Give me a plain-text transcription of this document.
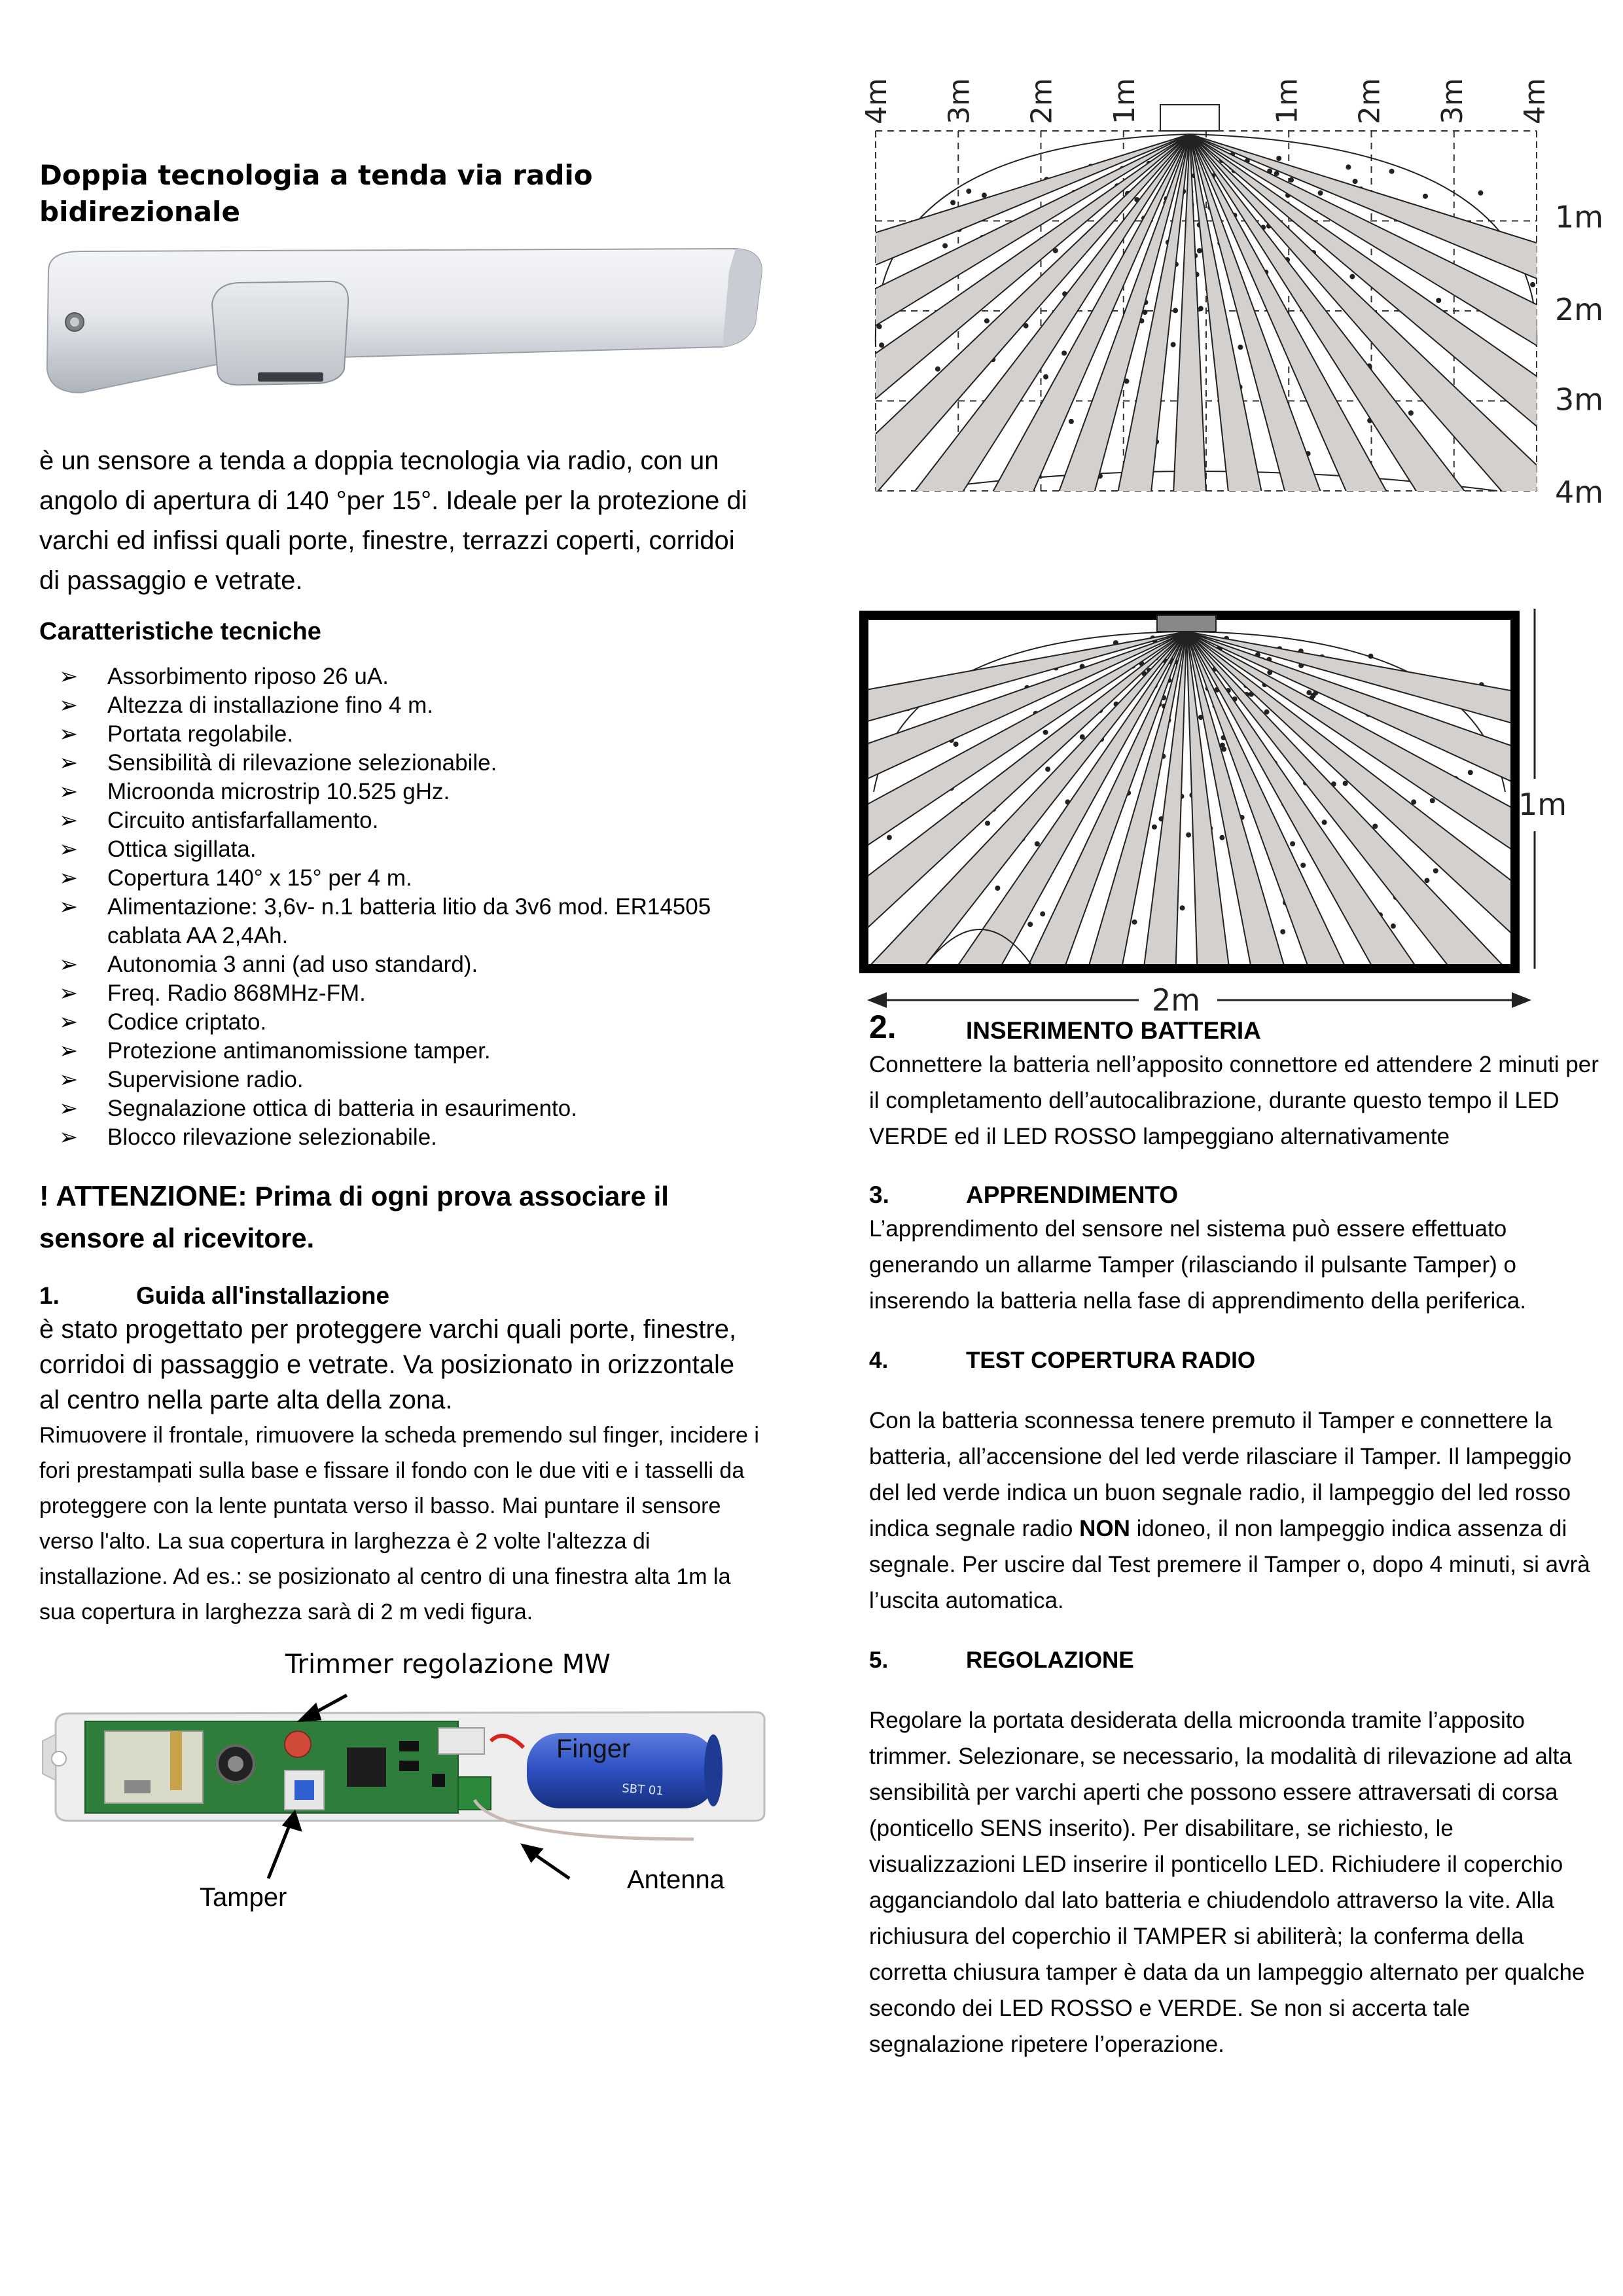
Doppia tecnologia a tenda via radio bidirezionale

è un sensore a tenda a doppia tecnologia via radio, con un angolo di apertura di 140 °per 15°. Ideale per la protezione di varchi ed infissi quali porte, finestre, terrazzi coperti, corridoi di passaggio e vetrate.

Caratteristiche tecniche
➢	Assorbimento riposo 26 uA.
➢	Altezza di installazione fino 4 m.
➢	Portata regolabile.
➢	Sensibilità di rilevazione selezionabile.
➢	Microonda microstrip 10.525 gHz.
➢	Circuito antisfarfallamento.
➢	Ottica sigillata.
➢	Copertura 140° x 15° per 4 m.
➢	Alimentazione: 3,6v- n.1 batteria litio da 3v6 mod. ER14505 cablata AA 2,4Ah.
➢	Autonomia 3 anni (ad uso standard).
➢	Freq. Radio 868MHz-FM.
➢	Codice criptato.
➢	Protezione antimanomissione tamper.
➢	Supervisione radio.
➢	Segnalazione ottica di batteria in esaurimento.
➢	Blocco rilevazione selezionabile.

! ATTENZIONE: Prima di ogni prova associare il sensore al ricevitore.

1.	Guida all'installazione

è stato progettato per proteggere varchi quali porte, finestre, corridoi di passaggio e vetrate. Va posizionato in orizzontale al centro nella parte alta della zona.

Rimuovere il frontale, rimuovere la scheda premendo sul finger, incidere i fori prestampati sulla base e fissare il fondo con le due viti e i tasselli da proteggere con la lente puntata verso il basso. Mai puntare il sensore verso l'alto. La sua copertura in larghezza è 2 volte l'altezza di installazione. Ad es.: se posizionato al centro di una finestra alta 1m la sua copertura in larghezza sarà di 2 m vedi figura.

Trimmer regolazione MW
SBT 01
Finger
Antenna
Tamper
4m 3m 2m 1m	1m 2m 3m 4m
1m
2m
3m
4m
1m
2m
2.	INSERIMENTO BATTERIA

Connettere la batteria nell’apposito connettore ed attendere 2 minuti per il completamento dell’autocalibrazione, durante questo tempo il LED VERDE ed il LED ROSSO lampeggiano alternativamente

3.	APPRENDIMENTO

L’apprendimento del sensore nel sistema può essere effettuato generando un allarme Tamper (rilasciando il pulsante Tamper) o inserendo la batteria nella fase di apprendimento della periferica.

4.	TEST COPERTURA RADIO

Con la batteria sconnessa tenere premuto il Tamper e connettere la batteria, all’accensione del led verde rilasciare il Tamper. Il lampeggio del led verde indica un buon segnale radio, il lampeggio del led rosso indica segnale radio NON idoneo, il non lampeggio indica assenza di segnale. Per uscire dal Test premere il Tamper o, dopo 4 minuti, si avrà l’uscita automatica.

5.	REGOLAZIONE

Regolare la portata desiderata della microonda tramite l’apposito trimmer. Selezionare, se necessario, la modalità di rilevazione ad alta sensibilità per varchi aperti che possono essere attraversati di corsa (ponticello SENS inserito). Per disabilitare, se richiesto, le visualizzazioni LED inserire il ponticello LED. Richiudere il coperchio agganciandolo dal lato batteria e chiudendolo attraverso la vite. Alla richiusura del coperchio il TAMPER si abiliterà; la conferma della corretta chiusura tamper è data da un lampeggio alternato per qualche secondo dei LED ROSSO e VERDE. Se non si accerta tale segnalazione ripetere l’operazione.
